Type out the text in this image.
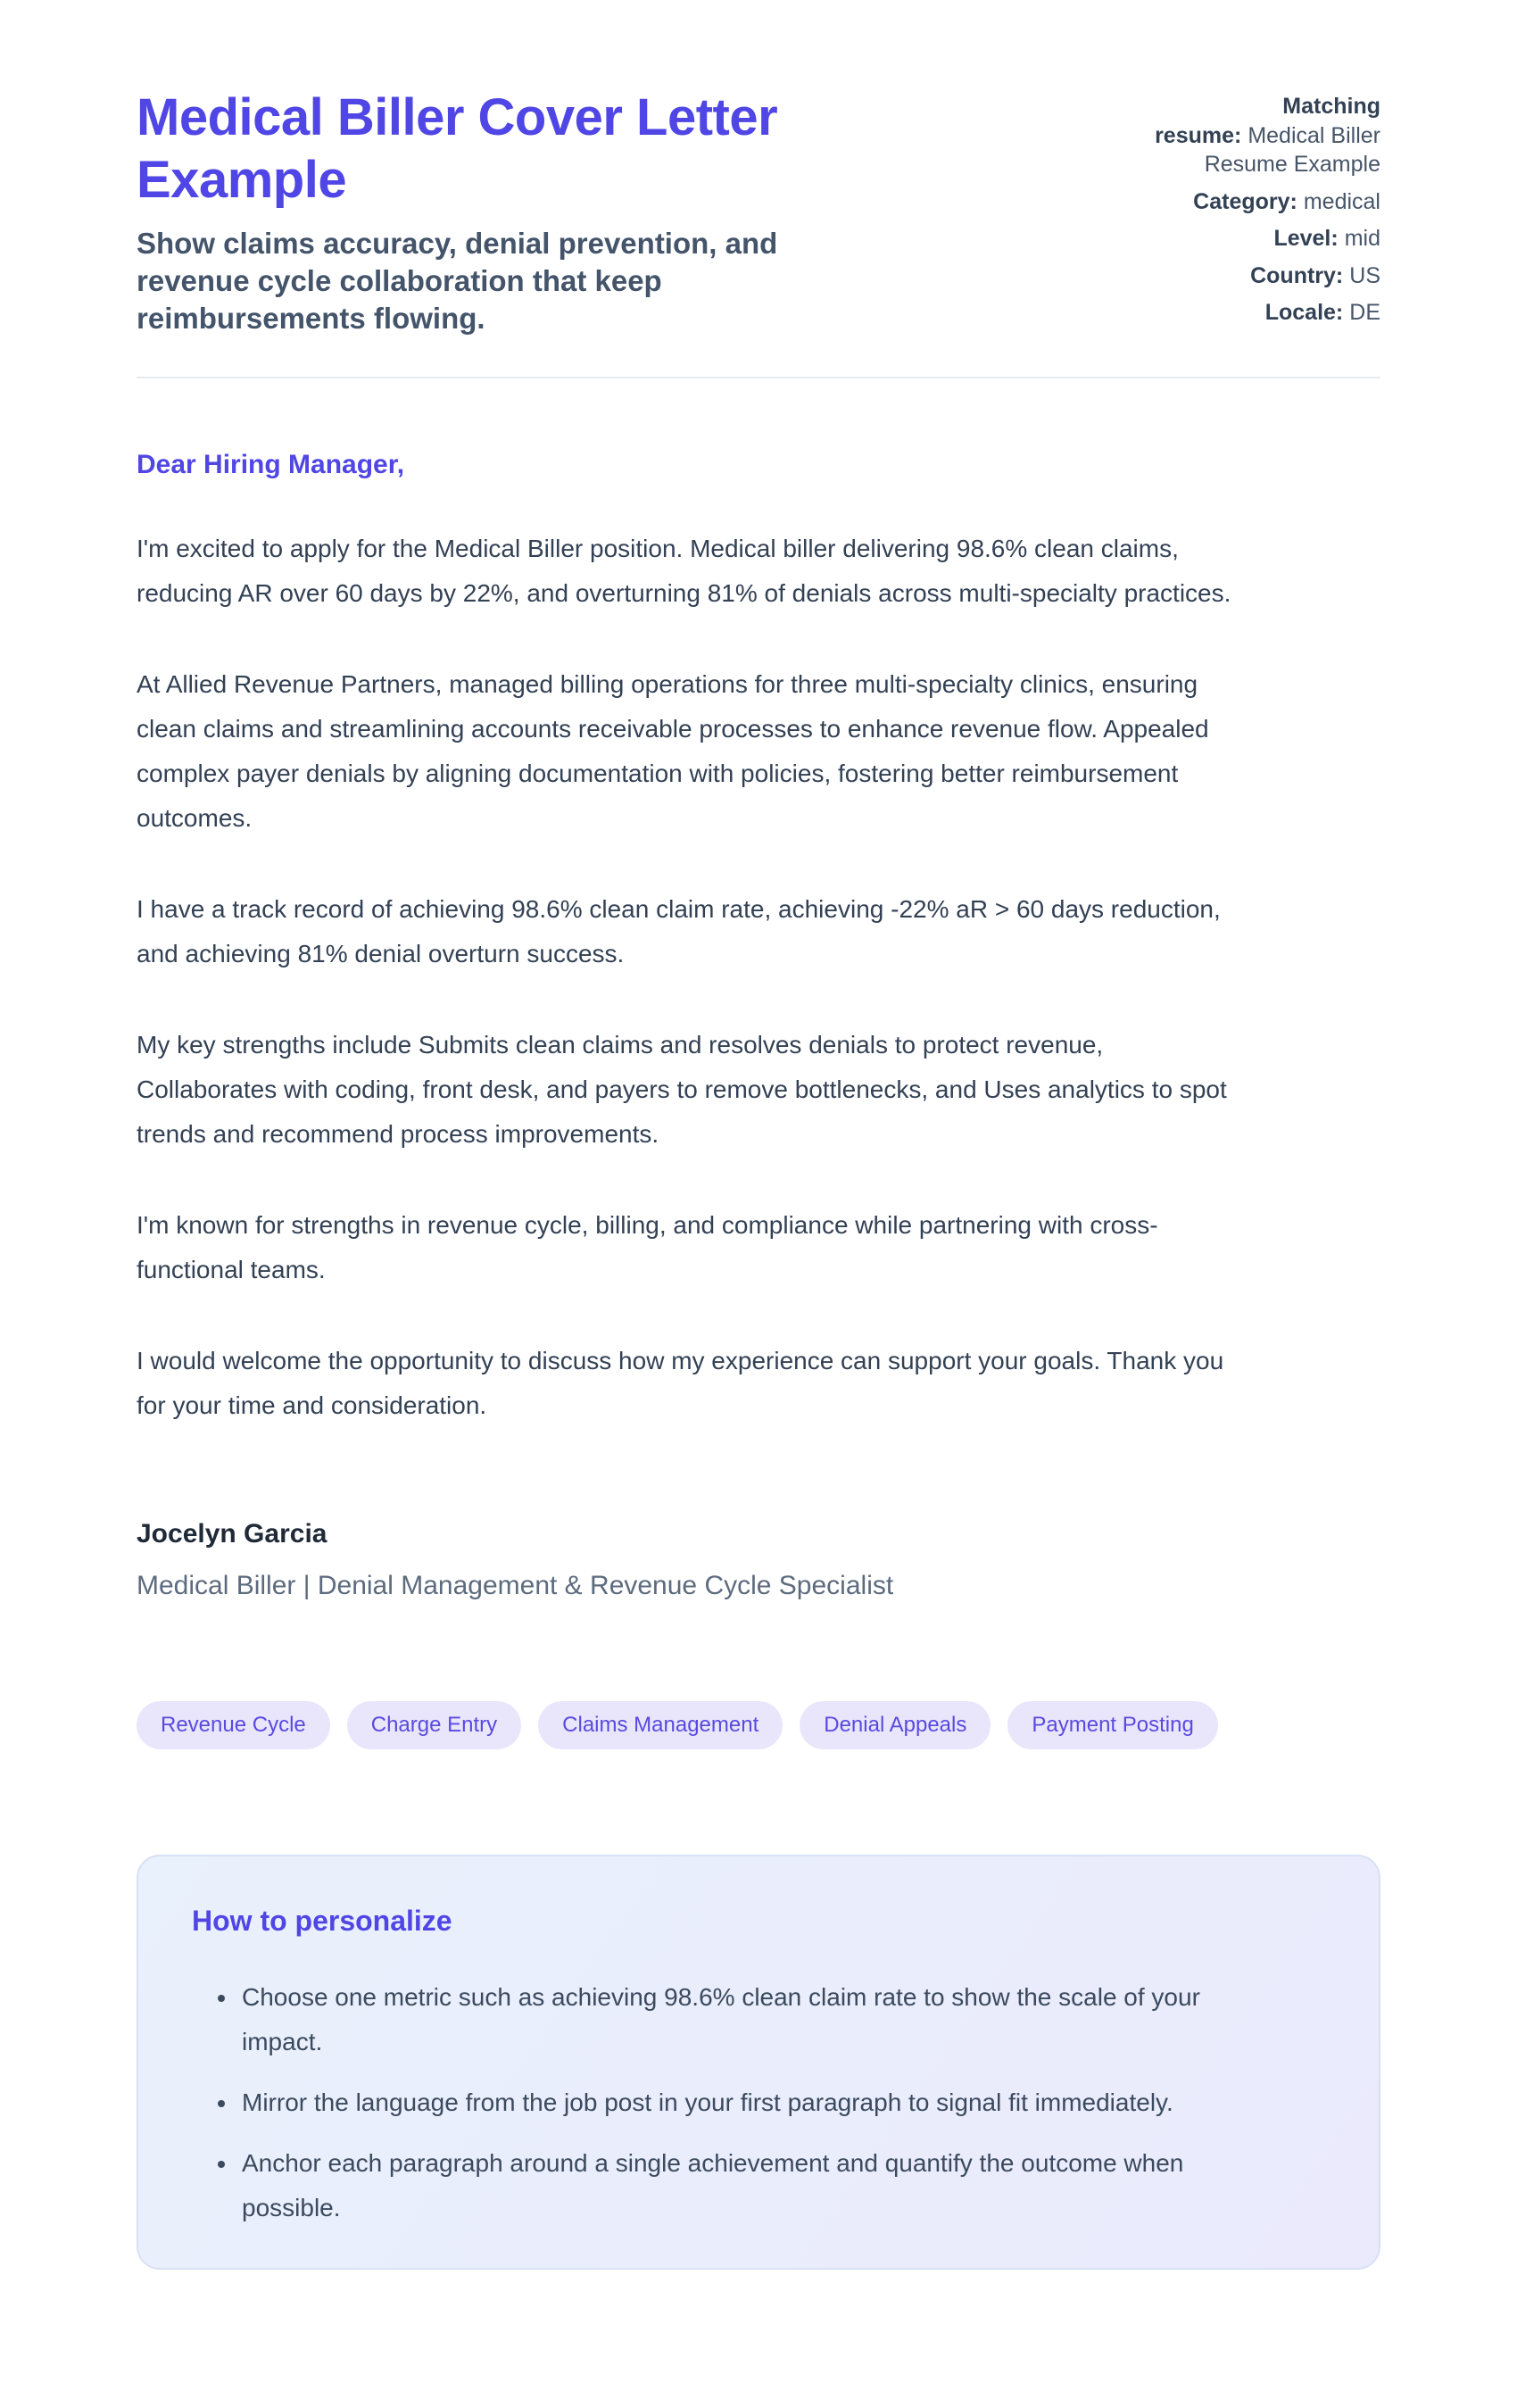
Medical Biller Cover Letter Example

Show claims accuracy, denial prevention, and revenue cycle collaboration that keep reimbursements flowing.

Matching resume: Medical Biller Resume Example
Category: medical
Level: mid
Country: US
Locale: DE
Dear Hiring Manager,

I'm excited to apply for the Medical Biller position. Medical biller delivering 98.6% clean claims, reducing AR over 60 days by 22%, and overturning 81% of denials across multi-specialty practices.

At Allied Revenue Partners, managed billing operations for three multi-specialty clinics, ensuring clean claims and streamlining accounts receivable processes to enhance revenue flow. Appealed complex payer denials by aligning documentation with policies, fostering better reimbursement outcomes.

I have a track record of achieving 98.6% clean claim rate, achieving -22% aR > 60 days reduction, and achieving 81% denial overturn success.

My key strengths include Submits clean claims and resolves denials to protect revenue, Collaborates with coding, front desk, and payers to remove bottlenecks, and Uses analytics to spot trends and recommend process improvements.

I'm known for strengths in revenue cycle, billing, and compliance while partnering with cross-functional teams.

I would welcome the opportunity to discuss how my experience can support your goals. Thank you for your time and consideration.

Jocelyn Garcia

Medical Biller | Denial Management & Revenue Cycle Specialist

Revenue Cycle	Charge Entry	Claims Management	Denial Appeals	Payment Posting
How to personalize
• Choose one metric such as achieving 98.6% clean claim rate to show the scale of your impact.
• Mirror the language from the job post in your first paragraph to signal fit immediately.
• Anchor each paragraph around a single achievement and quantify the outcome when possible.
